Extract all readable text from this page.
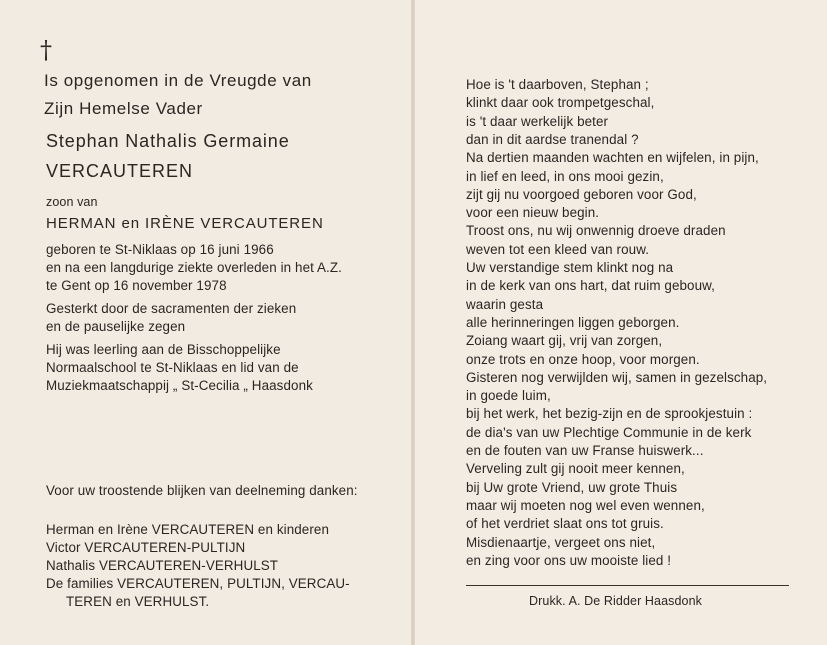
†
Is opgenomen in de Vreugde van
Zijn Hemelse Vader
Stephan Nathalis Germaine
VERCAUTEREN
zoon van
HERMAN en IRÈNE VERCAUTEREN
geboren te St-Niklaas op 16 juni 1966
en na een langdurige ziekte overleden in het A.Z.
te Gent op 16 november 1978
Gesterkt door de sacramenten der zieken
en de pauselijke zegen
Hij was leerling aan de Bisschoppelijke
Normaalschool te St-Niklaas en lid van de
Muziekmaatschappij „ St-Cecilia „ Haasdonk
Voor uw troostende blijken van deelneming danken:
Herman en Irène VERCAUTEREN en kinderen
Victor VERCAUTEREN-PULTIJN
Nathalis VERCAUTEREN-VERHULST
De families VERCAUTEREN, PULTIJN, VERCAU-
TEREN en VERHULST.
Hoe is 't daarboven, Stephan ;
klinkt daar ook trompetgeschal,
is 't daar werkelijk beter
dan in dit aardse tranendal ?
Na dertien maanden wachten en wijfelen, in pijn,
in lief en leed, in ons mooi gezin,
zijt gij nu voorgoed geboren voor God,
voor een nieuw begin.
Troost ons, nu wij onwennig droeve draden
weven tot een kleed van rouw.
Uw verstandige stem klinkt nog na
in de kerk van ons hart, dat ruim gebouw,
waarin gesta
alle herinneringen liggen geborgen.
Zoiang waart gij, vrij van zorgen,
onze trots en onze hoop, voor morgen.
Gisteren nog verwijlden wij, samen in gezelschap,
in goede luim,
bij het werk, het bezig-zijn en de sprookjestuin :
de dia's van uw Plechtige Communie in de kerk
en de fouten van uw Franse huiswerk...
Verveling zult gij nooit meer kennen,
bij Uw grote Vriend, uw grote Thuis
maar wij moeten nog wel even wennen,
of het verdriet slaat ons tot gruis.
Misdienaartje, vergeet ons niet,
en zing voor ons uw mooiste lied !
Drukk. A. De Ridder Haasdonk
